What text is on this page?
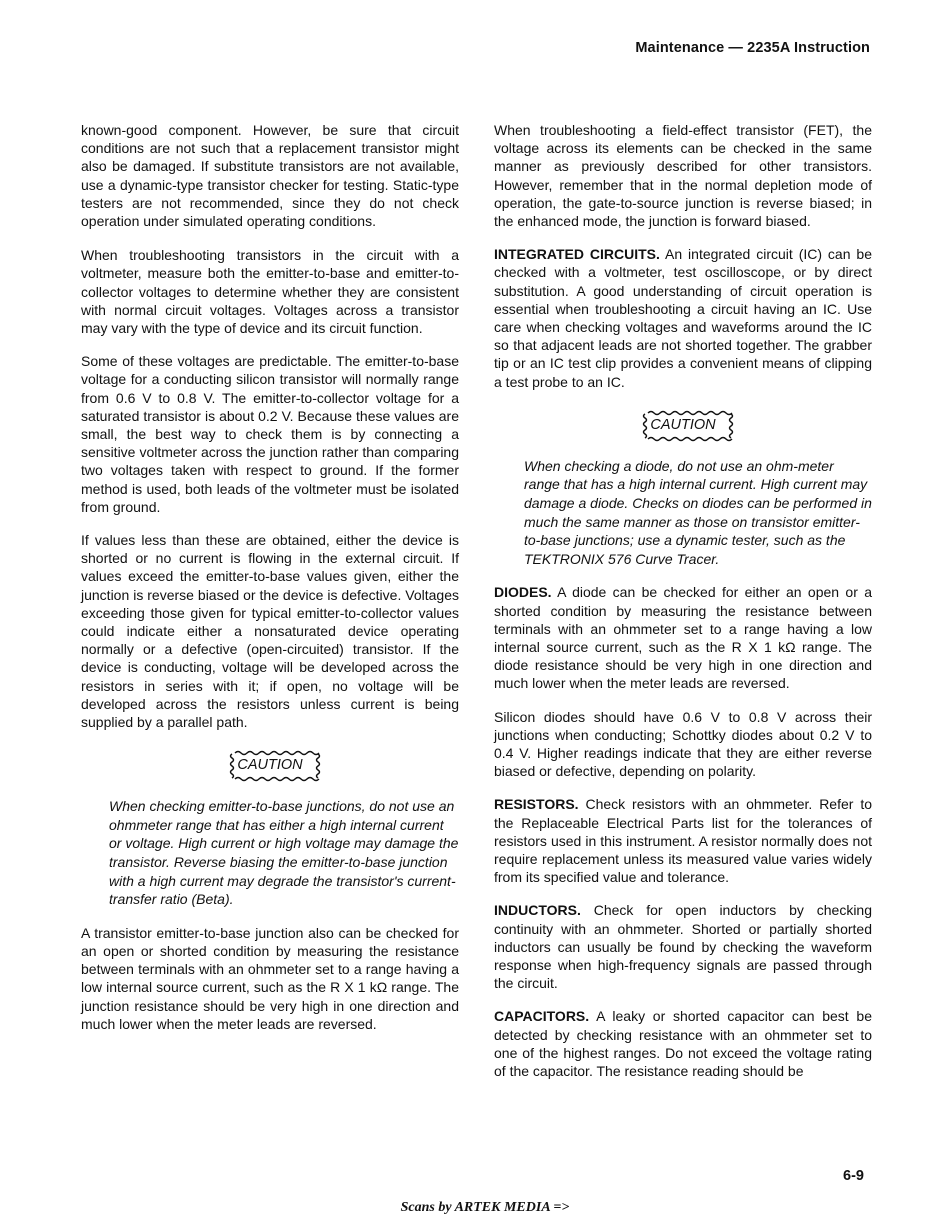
Maintenance — 2235A Instruction

known-good component. However, be sure that circuit conditions are not such that a replacement transistor might also be damaged. If substitute transistors are not available, use a dynamic-type transistor checker for testing. Static-type testers are not recommended, since they do not check operation under simulated operating conditions.

When troubleshooting transistors in the circuit with a voltmeter, measure both the emitter-to-base and emitter-to-collector voltages to determine whether they are consistent with normal circuit voltages. Voltages across a transistor may vary with the type of device and its circuit function.

Some of these voltages are predictable. The emitter-to-base voltage for a conducting silicon transistor will normally range from 0.6 V to 0.8 V. The emitter-to-collector voltage for a saturated transistor is about 0.2 V. Because these values are small, the best way to check them is by connecting a sensitive voltmeter across the junction rather than comparing two voltages taken with respect to ground. If the former method is used, both leads of the voltmeter must be isolated from ground.

If values less than these are obtained, either the device is shorted or no current is flowing in the external circuit. If values exceed the emitter-to-base values given, either the junction is reverse biased or the device is defective. Voltages exceeding those given for typical emitter-to-collector values could indicate either a nonsaturated device operating normally or a defective (open-circuited) transistor. If the device is conducting, voltage will be developed across the resistors in series with it; if open, no voltage will be developed across the resistors unless current is being supplied by a parallel path.

CAUTION

When checking emitter-to-base junctions, do not use an ohmmeter range that has either a high internal current or voltage. High current or high voltage may damage the transistor. Reverse biasing the emitter-to-base junction with a high current may degrade the transistor's current-transfer ratio (Beta).

A transistor emitter-to-base junction also can be checked for an open or shorted condition by measuring the resistance between terminals with an ohmmeter set to a range having a low internal source current, such as the R X 1 kΩ range. The junction resistance should be very high in one direction and much lower when the meter leads are reversed.

When troubleshooting a field-effect transistor (FET), the voltage across its elements can be checked in the same manner as previously described for other transistors. However, remember that in the normal depletion mode of operation, the gate-to-source junction is reverse biased; in the enhanced mode, the junction is forward biased.

INTEGRATED CIRCUITS. An integrated circuit (IC) can be checked with a voltmeter, test oscilloscope, or by direct substitution. A good understanding of circuit operation is essential when troubleshooting a circuit having an IC. Use care when checking voltages and waveforms around the IC so that adjacent leads are not shorted together. The grabber tip or an IC test clip provides a convenient means of clipping a test probe to an IC.

CAUTION

When checking a diode, do not use an ohm-meter range that has a high internal current. High current may damage a diode. Checks on diodes can be performed in much the same manner as those on transistor emitter-to-base junctions; use a dynamic tester, such as the TEKTRONIX 576 Curve Tracer.

DIODES. A diode can be checked for either an open or a shorted condition by measuring the resistance between terminals with an ohmmeter set to a range having a low internal source current, such as the R X 1 kΩ range. The diode resistance should be very high in one direction and much lower when the meter leads are reversed.

Silicon diodes should have 0.6 V to 0.8 V across their junctions when conducting; Schottky diodes about 0.2 V to 0.4 V. Higher readings indicate that they are either reverse biased or defective, depending on polarity.

RESISTORS. Check resistors with an ohmmeter. Refer to the Replaceable Electrical Parts list for the tolerances of resistors used in this instrument. A resistor normally does not require replacement unless its measured value varies widely from its specified value and tolerance.

INDUCTORS. Check for open inductors by checking continuity with an ohmmeter. Shorted or partially shorted inductors can usually be found by checking the waveform response when high-frequency signals are passed through the circuit.

CAPACITORS. A leaky or shorted capacitor can best be detected by checking resistance with an ohmmeter set to one of the highest ranges. Do not exceed the voltage rating of the capacitor. The resistance reading should be

6-9
Scans by ARTEK MEDIA =>
